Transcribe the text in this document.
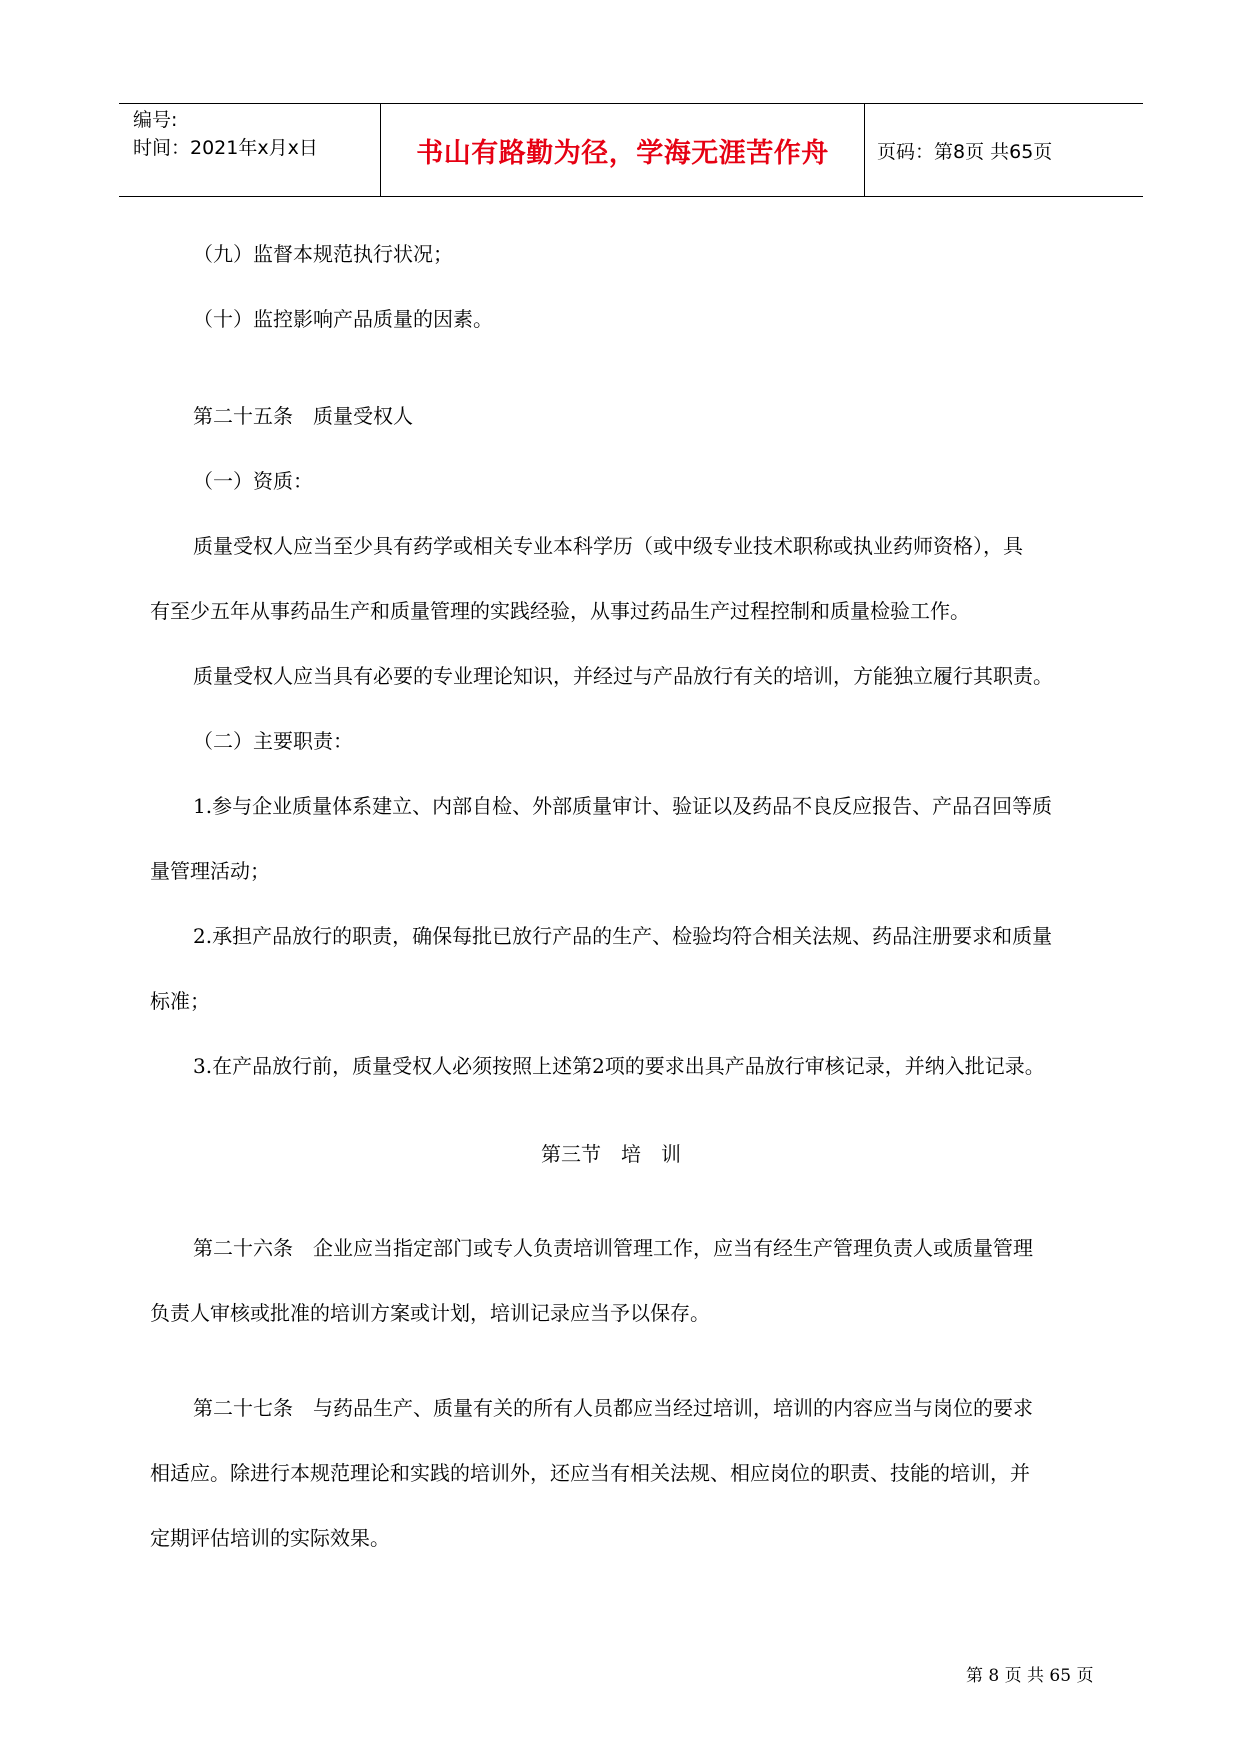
编号:
时间：2021年x月x日	书山有路勤为径，学海无涯苦作舟	页码：第8页 共65页
（九）监督本规范执行状况；
（十）监控影响产品质量的因素。
第二十五条　质量受权人
（一）资质：
质量受权人应当至少具有药学或相关专业本科学历（或中级专业技术职称或执业药师资格），具
有至少五年从事药品生产和质量管理的实践经验，从事过药品生产过程控制和质量检验工作。
质量受权人应当具有必要的专业理论知识，并经过与产品放行有关的培训，方能独立履行其职责。
（二）主要职责：
1.参与企业质量体系建立、内部自检、外部质量审计、验证以及药品不良反应报告、产品召回等质
量管理活动；
2.承担产品放行的职责，确保每批已放行产品的生产、检验均符合相关法规、药品注册要求和质量
标准；
3.在产品放行前，质量受权人必须按照上述第2项的要求出具产品放行审核记录，并纳入批记录。
第三节　培　训
第二十六条　企业应当指定部门或专人负责培训管理工作，应当有经生产管理负责人或质量管理
负责人审核或批准的培训方案或计划，培训记录应当予以保存。
第二十七条　与药品生产、质量有关的所有人员都应当经过培训，培训的内容应当与岗位的要求
相适应。除进行本规范理论和实践的培训外，还应当有相关法规、相应岗位的职责、技能的培训，并
定期评估培训的实际效果。
第 8 页 共 65 页
